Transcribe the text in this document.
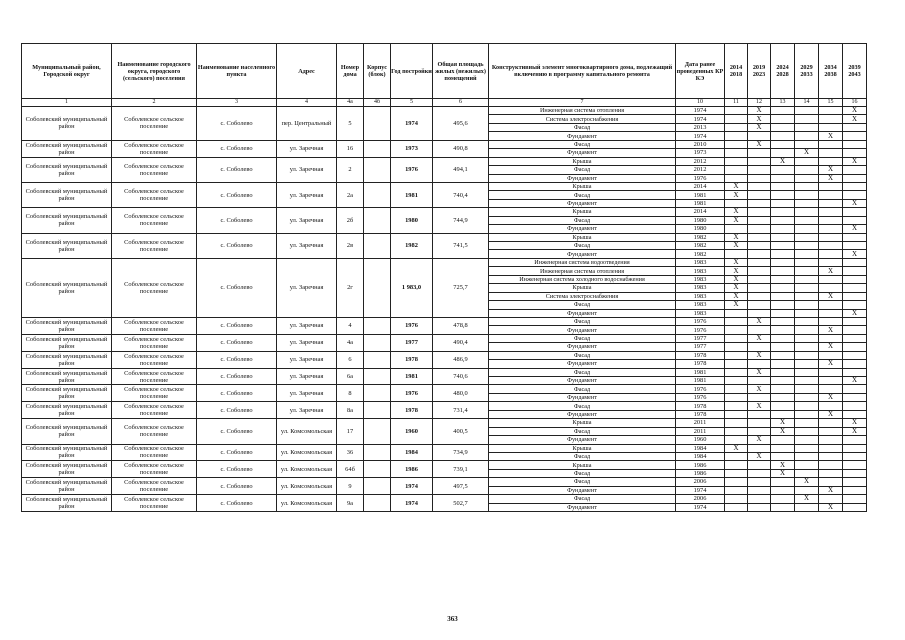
Муниципальный район, Городской округ	Наименование городского округа, городского (сельского) поселения	Наименование населенного пункта	Адрес	Номер дома	Корпус (блок)	Год постройки	Общая площадь жилых (нежилых) помещений	Конструктивный элемент многоквартирного дома, подлежащий включению в программу капитального ремонта	Дата ранее проведенных КР КЭ	2014 2018	2019 2023	2024 2028	2029 2033	2034 2038	2039 2043
1	2	3	4	4а	4б	5	6	7	10	11	12	13	14	15	16
Соболевский муниципальный район	Соболевское сельское поселение	с. Соболево	пер. Центральный	5		1974	495,6	Инженерная система отопления	1974		X				X
								Система электроснабжения	1974		X				X
								Фасад	2013		X				
								Фундамент	1974					X	
Соболевский муниципальный район	Соболевское сельское поселение	с. Соболево	ул. Заречная	16		1973	490,8	Фасад	2010		X				
								Фундамент	1973				X		
Соболевский муниципальный район	Соболевское сельское поселение	с. Соболево	ул. Заречная	2		1976	494,1	Крыша	2012			X			X
								Фасад	2012					X	
								Фундамент	1976					X	
Соболевский муниципальный район	Соболевское сельское поселение	с. Соболево	ул. Заречная	2а		1981	740,4	Крыша	2014	X					
								Фасад	1981	X					
								Фундамент	1981						X
Соболевский муниципальный район	Соболевское сельское поселение	с. Соболево	ул. Заречная	2б		1980	744,9	Крыша	2014	X					
								Фасад	1980	X					
								Фундамент	1980						X
Соболевский муниципальный район	Соболевское сельское поселение	с. Соболево	ул. Заречная	2в		1982	741,5	Крыша	1982	X					
								Фасад	1982	X					
								Фундамент	1982						X
Соболевский муниципальный район	Соболевское сельское поселение	с. Соболево	ул. Заречная	2г		1 983,0	725,7	Инженерная система водоотведения	1983	X					
								Инженерная система отопления	1983	X				X	
								Инженерная система холодного водоснабжения	1983	X					
								Крыша	1983	X					
								Система электроснабжения	1983	X				X	
								Фасад	1983	X					
								Фундамент	1983						X
Соболевский муниципальный район	Соболевское сельское поселение	с. Соболево	ул. Заречная	4		1976	478,8	Фасад	1976		X				
								Фундамент	1976					X	
Соболевский муниципальный район	Соболевское сельское поселение	с. Соболево	ул. Заречная	4а		1977	490,4	Фасад	1977		X				
								Фундамент	1977					X	
Соболевский муниципальный район	Соболевское сельское поселение	с. Соболево	ул. Заречная	6		1978	486,9	Фасад	1978		X				
								Фундамент	1978					X	
Соболевский муниципальный район	Соболевское сельское поселение	с. Соболево	ул. Заречная	6а		1981	740,6	Фасад	1981		X				
								Фундамент	1981						X
Соболевский муниципальный район	Соболевское сельское поселение	с. Соболево	ул. Заречная	8		1976	480,0	Фасад	1976		X				
								Фундамент	1976					X	
Соболевский муниципальный район	Соболевское сельское поселение	с. Соболево	ул. Заречная	8а		1978	731,4	Фасад	1978		X				
								Фундамент	1978					X	
Соболевский муниципальный район	Соболевское сельское поселение	с. Соболево	ул. Комсомольская	17		1960	400,5	Крыша	2011			X			X
								Фасад	2011			X			X
								Фундамент	1960		X				
Соболевский муниципальный район	Соболевское сельское поселение	с. Соболево	ул. Комсомольская	36		1984	734,9	Крыша	1984	X					
								Фасад	1984		X				
Соболевский муниципальный район	Соболевское сельское поселение	с. Соболево	ул. Комсомольская	64б		1986	739,1	Крыша	1986			X			
								Фасад	1986			X			
Соболевский муниципальный район	Соболевское сельское поселение	с. Соболево	ул. Комсомольская	9		1974	497,5	Фасад	2006				X		
								Фундамент	1974					X	
Соболевский муниципальный район	Соболевское сельское поселение	с. Соболево	ул. Комсомольская	9а		1974	502,7	Фасад	2006				X		
								Фундамент	1974					X	
363
